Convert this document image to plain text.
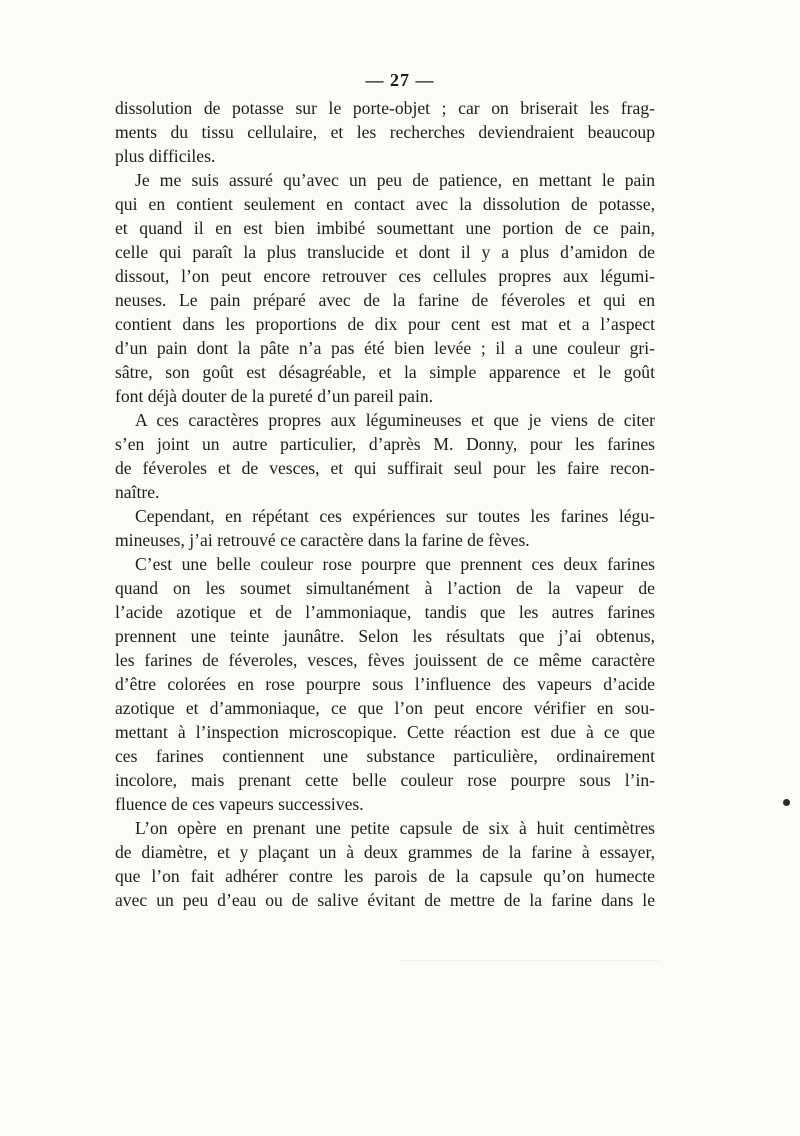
— 27 —
dissolution de potasse sur le porte-objet ; car on briserait les frag-
ments du tissu cellulaire, et les recherches deviendraient beaucoup
plus difficiles.
Je me suis assuré qu’avec un peu de patience, en mettant le pain
qui en contient seulement en contact avec la dissolution de potasse,
et quand il en est bien imbibé soumettant une portion de ce pain,
celle qui paraît la plus translucide et dont il y a plus d’amidon de
dissout, l’on peut encore retrouver ces cellules propres aux légumi-
neuses. Le pain préparé avec de la farine de féveroles et qui en
contient dans les proportions de dix pour cent est mat et a l’aspect
d’un pain dont la pâte n’a pas été bien levée ; il a une couleur gri-
sâtre, son goût est désagréable, et la simple apparence et le goût
font déjà douter de la pureté d’un pareil pain.
A ces caractères propres aux légumineuses et que je viens de citer
s’en joint un autre particulier, d’après M. Donny, pour les farines
de féveroles et de vesces, et qui suffirait seul pour les faire recon-
naître.
Cependant, en répétant ces expériences sur toutes les farines légu-
mineuses, j’ai retrouvé ce caractère dans la farine de fèves.
C’est une belle couleur rose pourpre que prennent ces deux farines
quand on les soumet simultanément à l’action de la vapeur de
l’acide azotique et de l’ammoniaque, tandis que les autres farines
prennent une teinte jaunâtre. Selon les résultats que j’ai obtenus,
les farines de féveroles, vesces, fèves jouissent de ce même caractère
d’être colorées en rose pourpre sous l’influence des vapeurs d’acide
azotique et d’ammoniaque, ce que l’on peut encore vérifier en sou-
mettant à l’inspection microscopique. Cette réaction est due à ce que
ces farines contiennent une substance particulière, ordinairement
incolore, mais prenant cette belle couleur rose pourpre sous l’in-
fluence de ces vapeurs successives.
L’on opère en prenant une petite capsule de six à huit centimètres
de diamètre, et y plaçant un à deux grammes de la farine à essayer,
que l’on fait adhérer contre les parois de la capsule qu’on humecte
avec un peu d’eau ou de salive évitant de mettre de la farine dans le
